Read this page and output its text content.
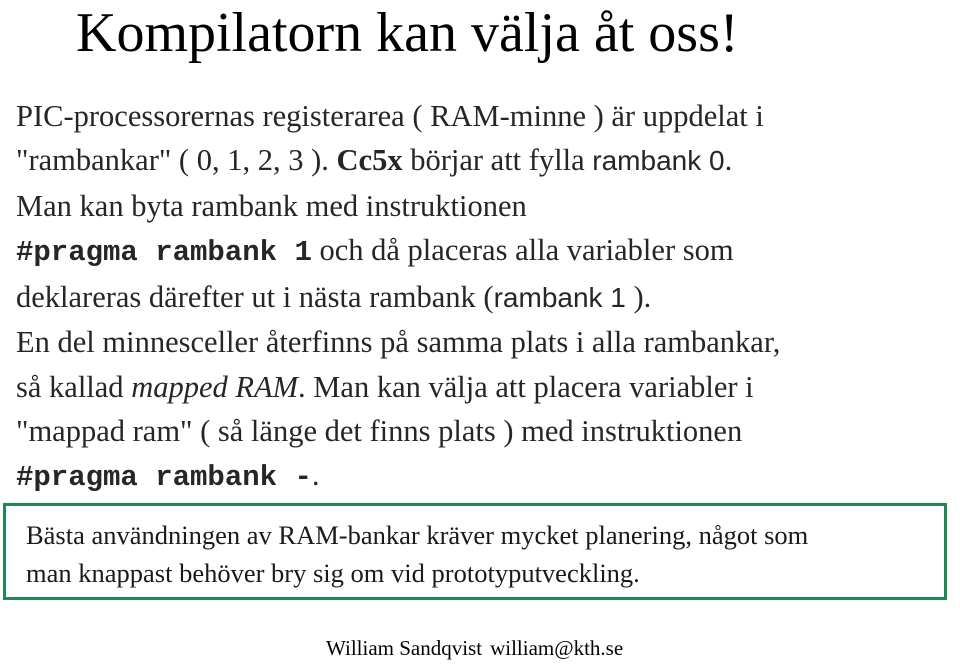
Kompilatorn kan välja åt oss!
PIC-processorernas registerarea ( RAM-minne ) är uppdelat i
"rambankar" ( 0, 1, 2, 3 ). Cc5x börjar att fylla rambank 0.
Man kan byta rambank med instruktionen
#pragma rambank 1 och då placeras alla variabler som
deklareras därefter ut i nästa rambank (rambank 1 ).
En del minnesceller återfinns på samma plats i alla rambankar,
så kallad mapped RAM. Man kan välja att placera variabler i
"mappad ram" ( så länge det finns plats ) med instruktionen
#pragma rambank -.
Bästa användningen av RAM-bankar kräver mycket planering, något som
man knappast behöver bry sig om vid prototyputveckling.
William Sandqvist william@kth.se
